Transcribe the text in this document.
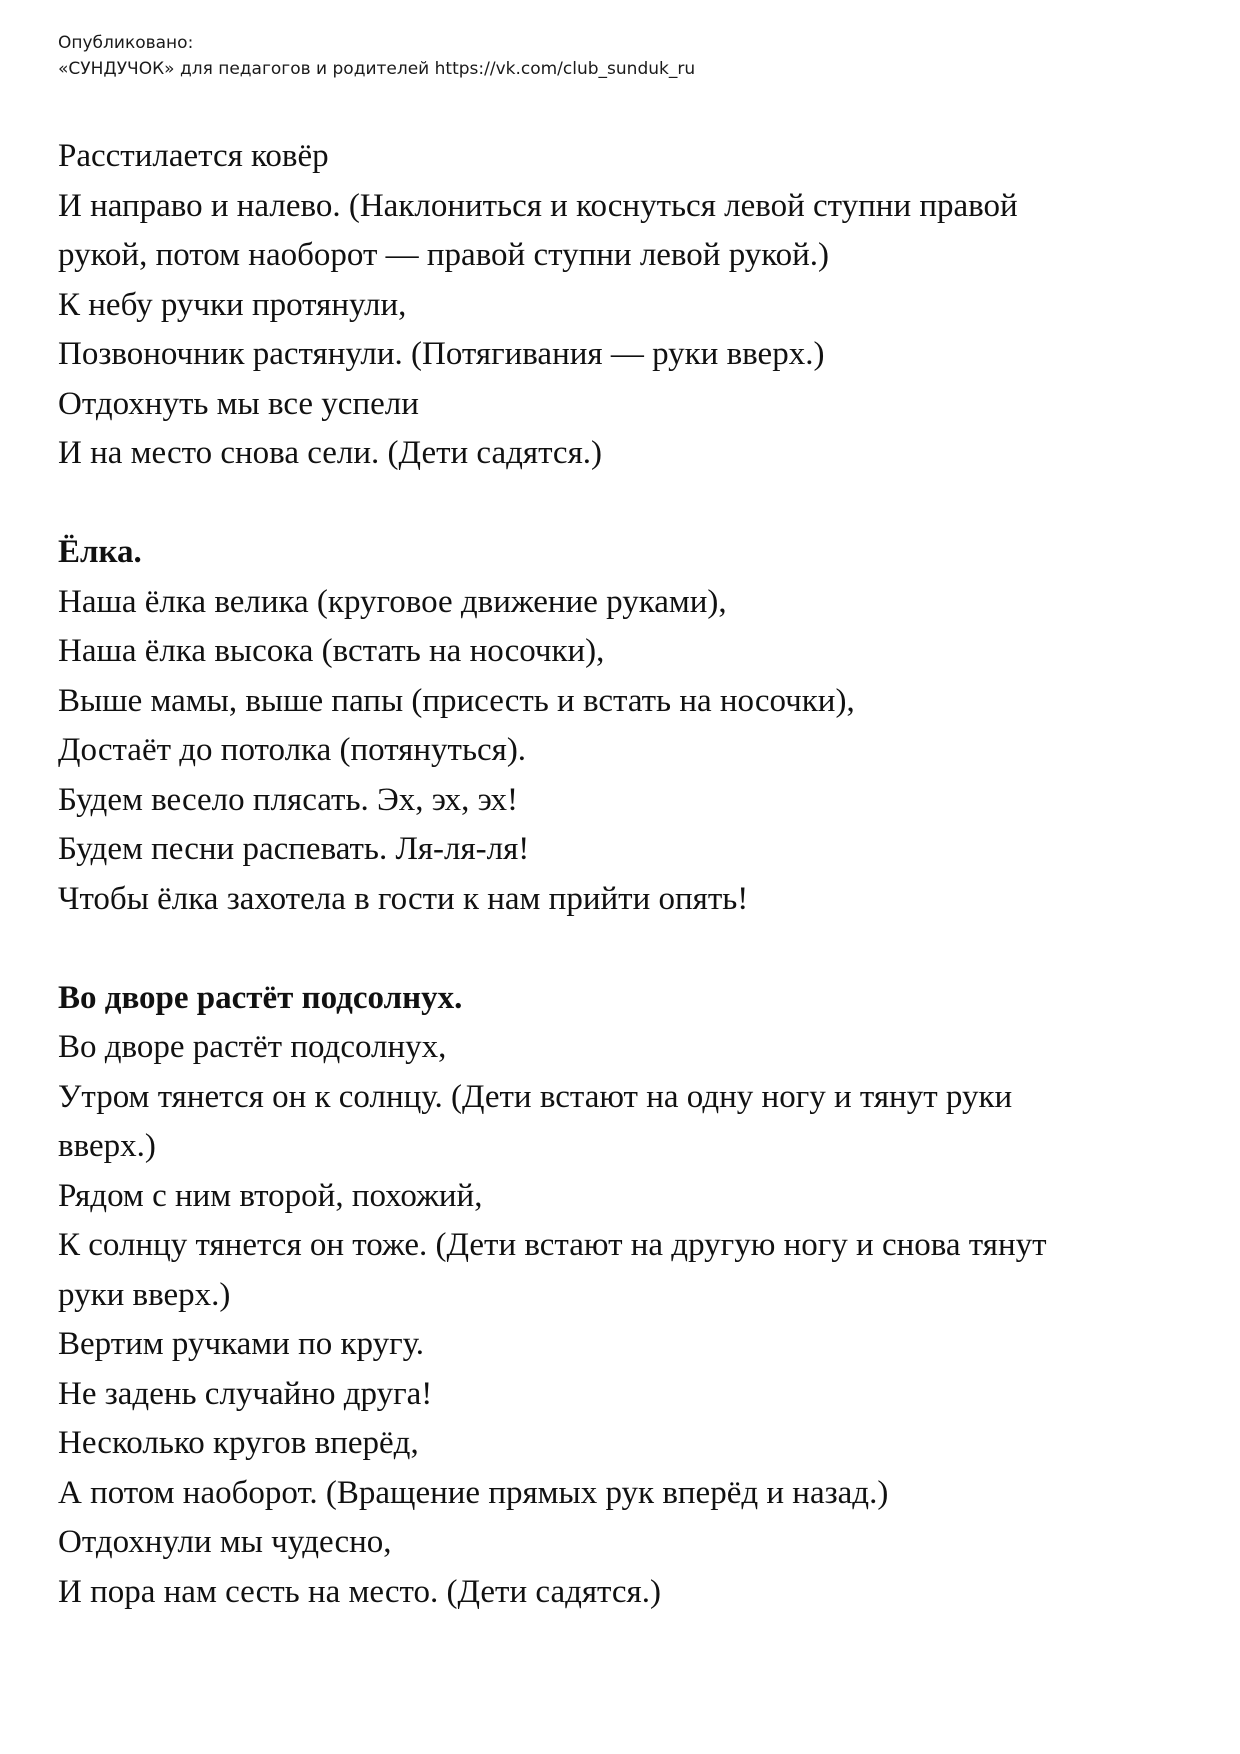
Опубликовано:
«СУНДУЧОК» для педагогов и родителей https://vk.com/club_sunduk_ru

Расстилается ковёр

И направо и налево. (Наклониться и коснуться левой ступни правой

рукой, потом наоборот — правой ступни левой рукой.)

К небу ручки протянули,

Позвоночник растянули. (Потягивания — руки вверх.)

Отдохнуть мы все успели

И на место снова сели. (Дети садятся.)

Ёлка.

Наша ёлка велика (круговое движение руками),

Наша ёлка высока (встать на носочки),

Выше мамы, выше папы (присесть и встать на носочки),

Достаёт до потолка (потянуться).

Будем весело плясать. Эх, эх, эх!

Будем песни распевать. Ля-ля-ля!

Чтобы ёлка захотела в гости к нам прийти опять!

Во дворе растёт подсолнух.

Во дворе растёт подсолнух,

Утром тянется он к солнцу. (Дети встают на одну ногу и тянут руки

вверх.)

Рядом с ним второй, похожий,

К солнцу тянется он тоже. (Дети встают на другую ногу и снова тянут

руки вверх.)

Вертим ручками по кругу.

Не задень случайно друга!

Несколько кругов вперёд,

А потом наоборот. (Вращение прямых рук вперёд и назад.)

Отдохнули мы чудесно,

И пора нам сесть на место. (Дети садятся.)
